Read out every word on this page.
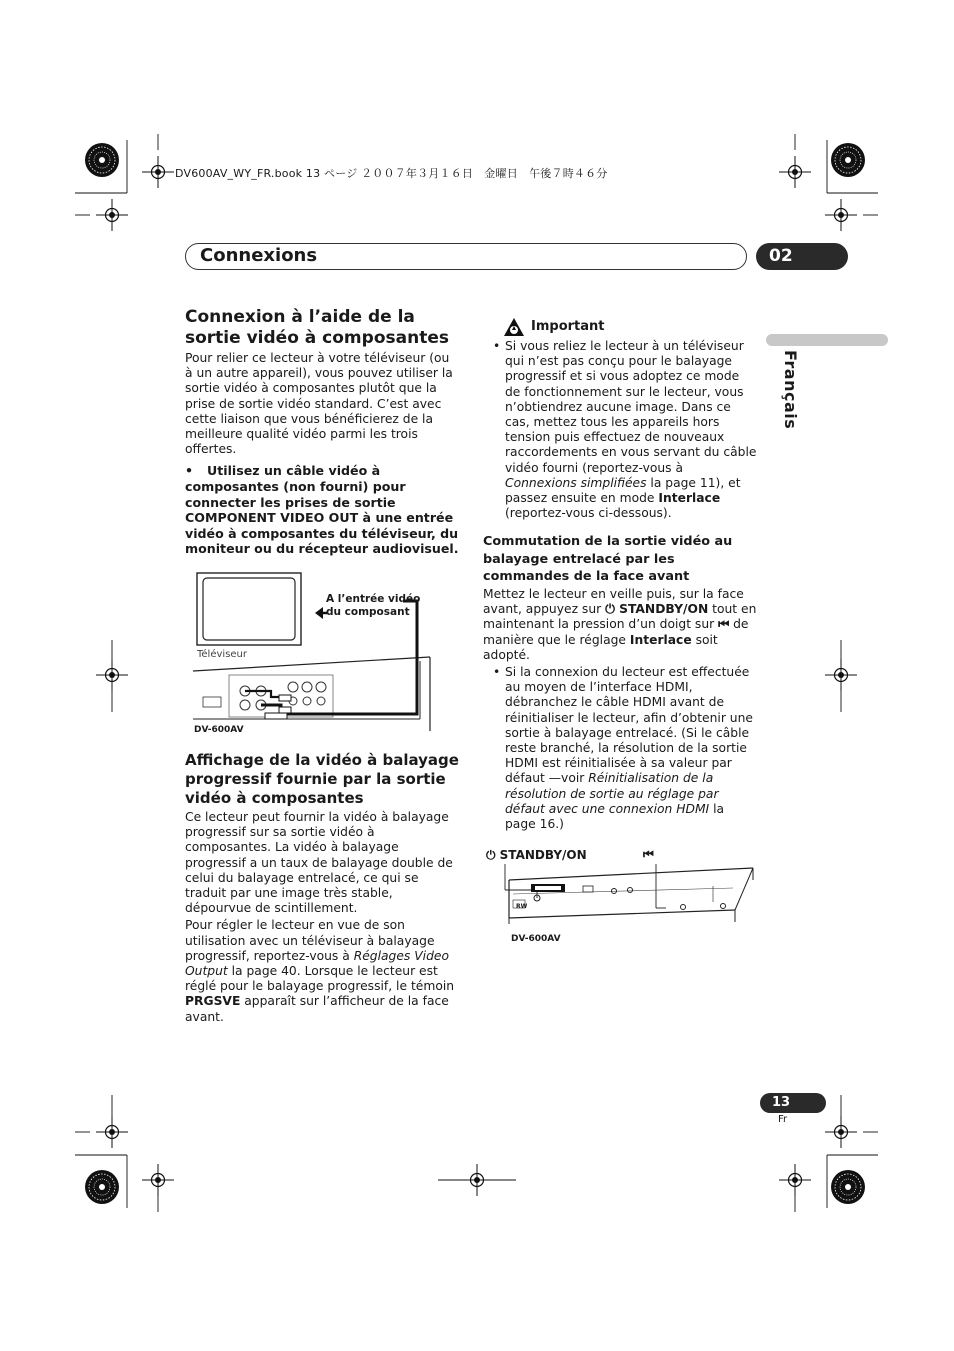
DV600AV_WY_FR.book 13 ページ ２００７年３月１６日　金曜日　午後７時４６分
Connexions	02
Français
Connexion à l’aide de la sortie vidéo à composantes

Pour relier ce lecteur à votre téléviseur (ou à un autre appareil), vous pouvez utiliser la sortie vidéo à composantes plutôt que la prise de sortie vidéo standard. C’est avec cette liaison que vous bénéficierez de la meilleure qualité vidéo parmi les trois offertes.

• Utilisez un câble vidéo à composantes (non fourni) pour connecter les prises de sortie COMPONENT VIDEO OUT à une entrée vidéo à composantes du téléviseur, du moniteur ou du récepteur audiovisuel.
A l’entrée vidéo
du composant
Téléviseur
DV-600AV
Affichage de la vidéo à balayage progressif fournie par la sortie vidéo à composantes

Ce lecteur peut fournir la vidéo à balayage progressif sur sa sortie vidéo à composantes. La vidéo à balayage progressif a un taux de balayage double de celui du balayage entrelacé, ce qui se traduit par une image très stable, dépourvue de scintillement.

Pour régler le lecteur en vue de son utilisation avec un téléviseur à balayage progressif, reportez-vous à Réglages Video Output la page 40. Lorsque le lecteur est réglé pour le balayage progressif, le témoin PRGSVE apparaît sur l’afficheur de la face avant.

Important

• Si vous reliez le lecteur à un téléviseur qui n’est pas conçu pour le balayage progressif et si vous adoptez ce mode de fonctionnement sur le lecteur, vous n’obtiendrez aucune image. Dans ce cas, mettez tous les appareils hors tension puis effectuez de nouveaux raccordements en vous servant du câble vidéo fourni (reportez-vous à Connexions simplifiées la page 11), et passez ensuite en mode Interlace (reportez-vous ci-dessous).

Commutation de la sortie vidéo au balayage entrelacé par les commandes de la face avant

Mettez le lecteur en veille puis, sur la face avant, appuyez sur ⏻ STANDBY/ON tout en maintenant la pression d’un doigt sur ⏮ de manière que le réglage Interlace soit adopté.

• Si la connexion du lecteur est effectuée au moyen de l’interface HDMI, débranchez le câble HDMI avant de réinitialiser le lecteur, afin d’obtenir une sortie à balayage entrelacé. (Si le câble reste branché, la résolution de la sortie HDMI est réinitialisée à sa valeur par défaut —voir Réinitialisation de la résolution de sortie au réglage par défaut avec une connexion HDMI la page 16.)

⏻ STANDBY/ON	⏮
RW
DV-600AV
13
Fr
